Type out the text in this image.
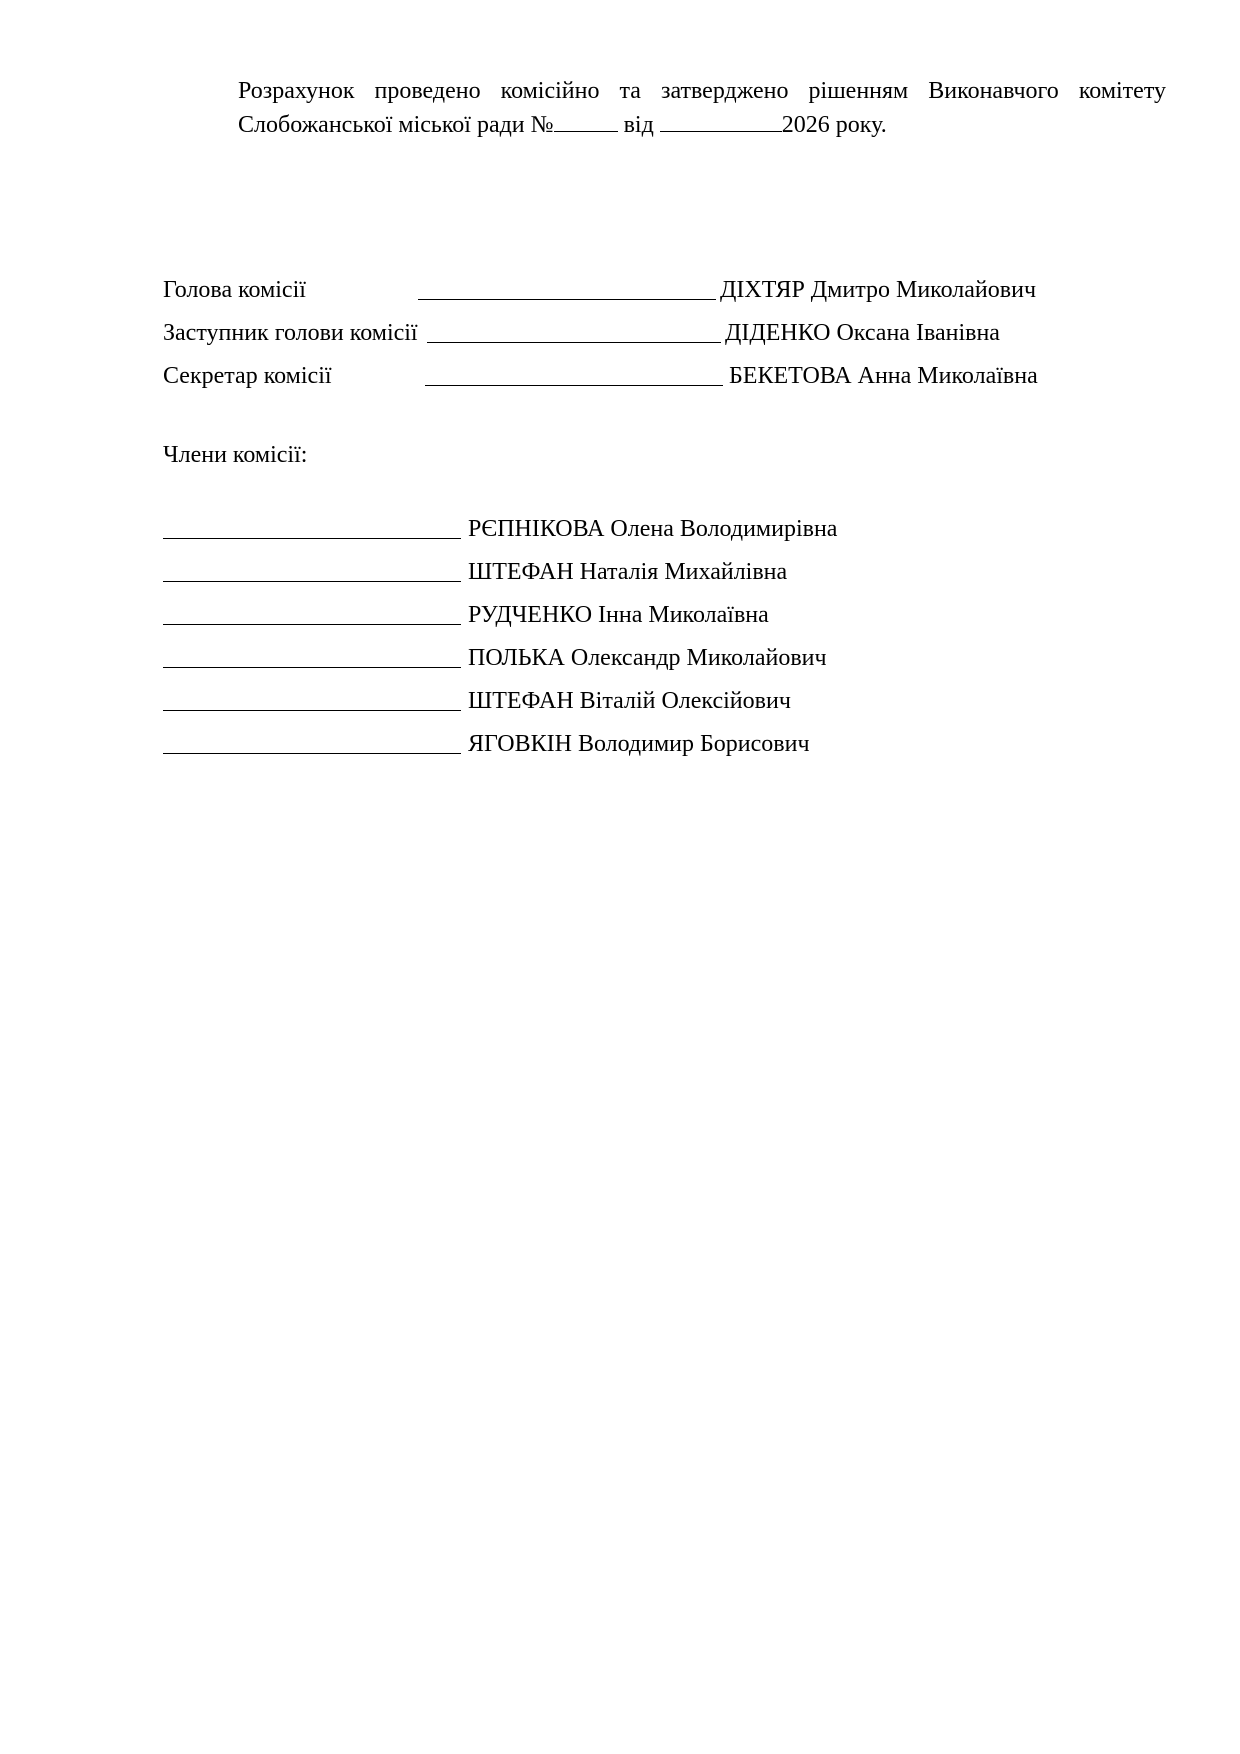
Розрахунок проведено комісійно та затверджено рішенням Виконавчого комітету Слобожанської міської ради №	від	2026 року.
Голова комісії	ДІХТЯР Дмитро Миколайович
Заступник голови комісії	ДІДЕНКО Оксана Іванівна
Секретар комісії	БЕКЕТОВА Анна Миколаївна
Члени комісії:
РЄПНІКОВА Олена Володимирівна
ШТЕФАН Наталія Михайлівна
РУДЧЕНКО Інна Миколаївна
ПОЛЬКА Олександр Миколайович
ШТЕФАН Віталій Олексійович
ЯГОВКІН Володимир Борисович
